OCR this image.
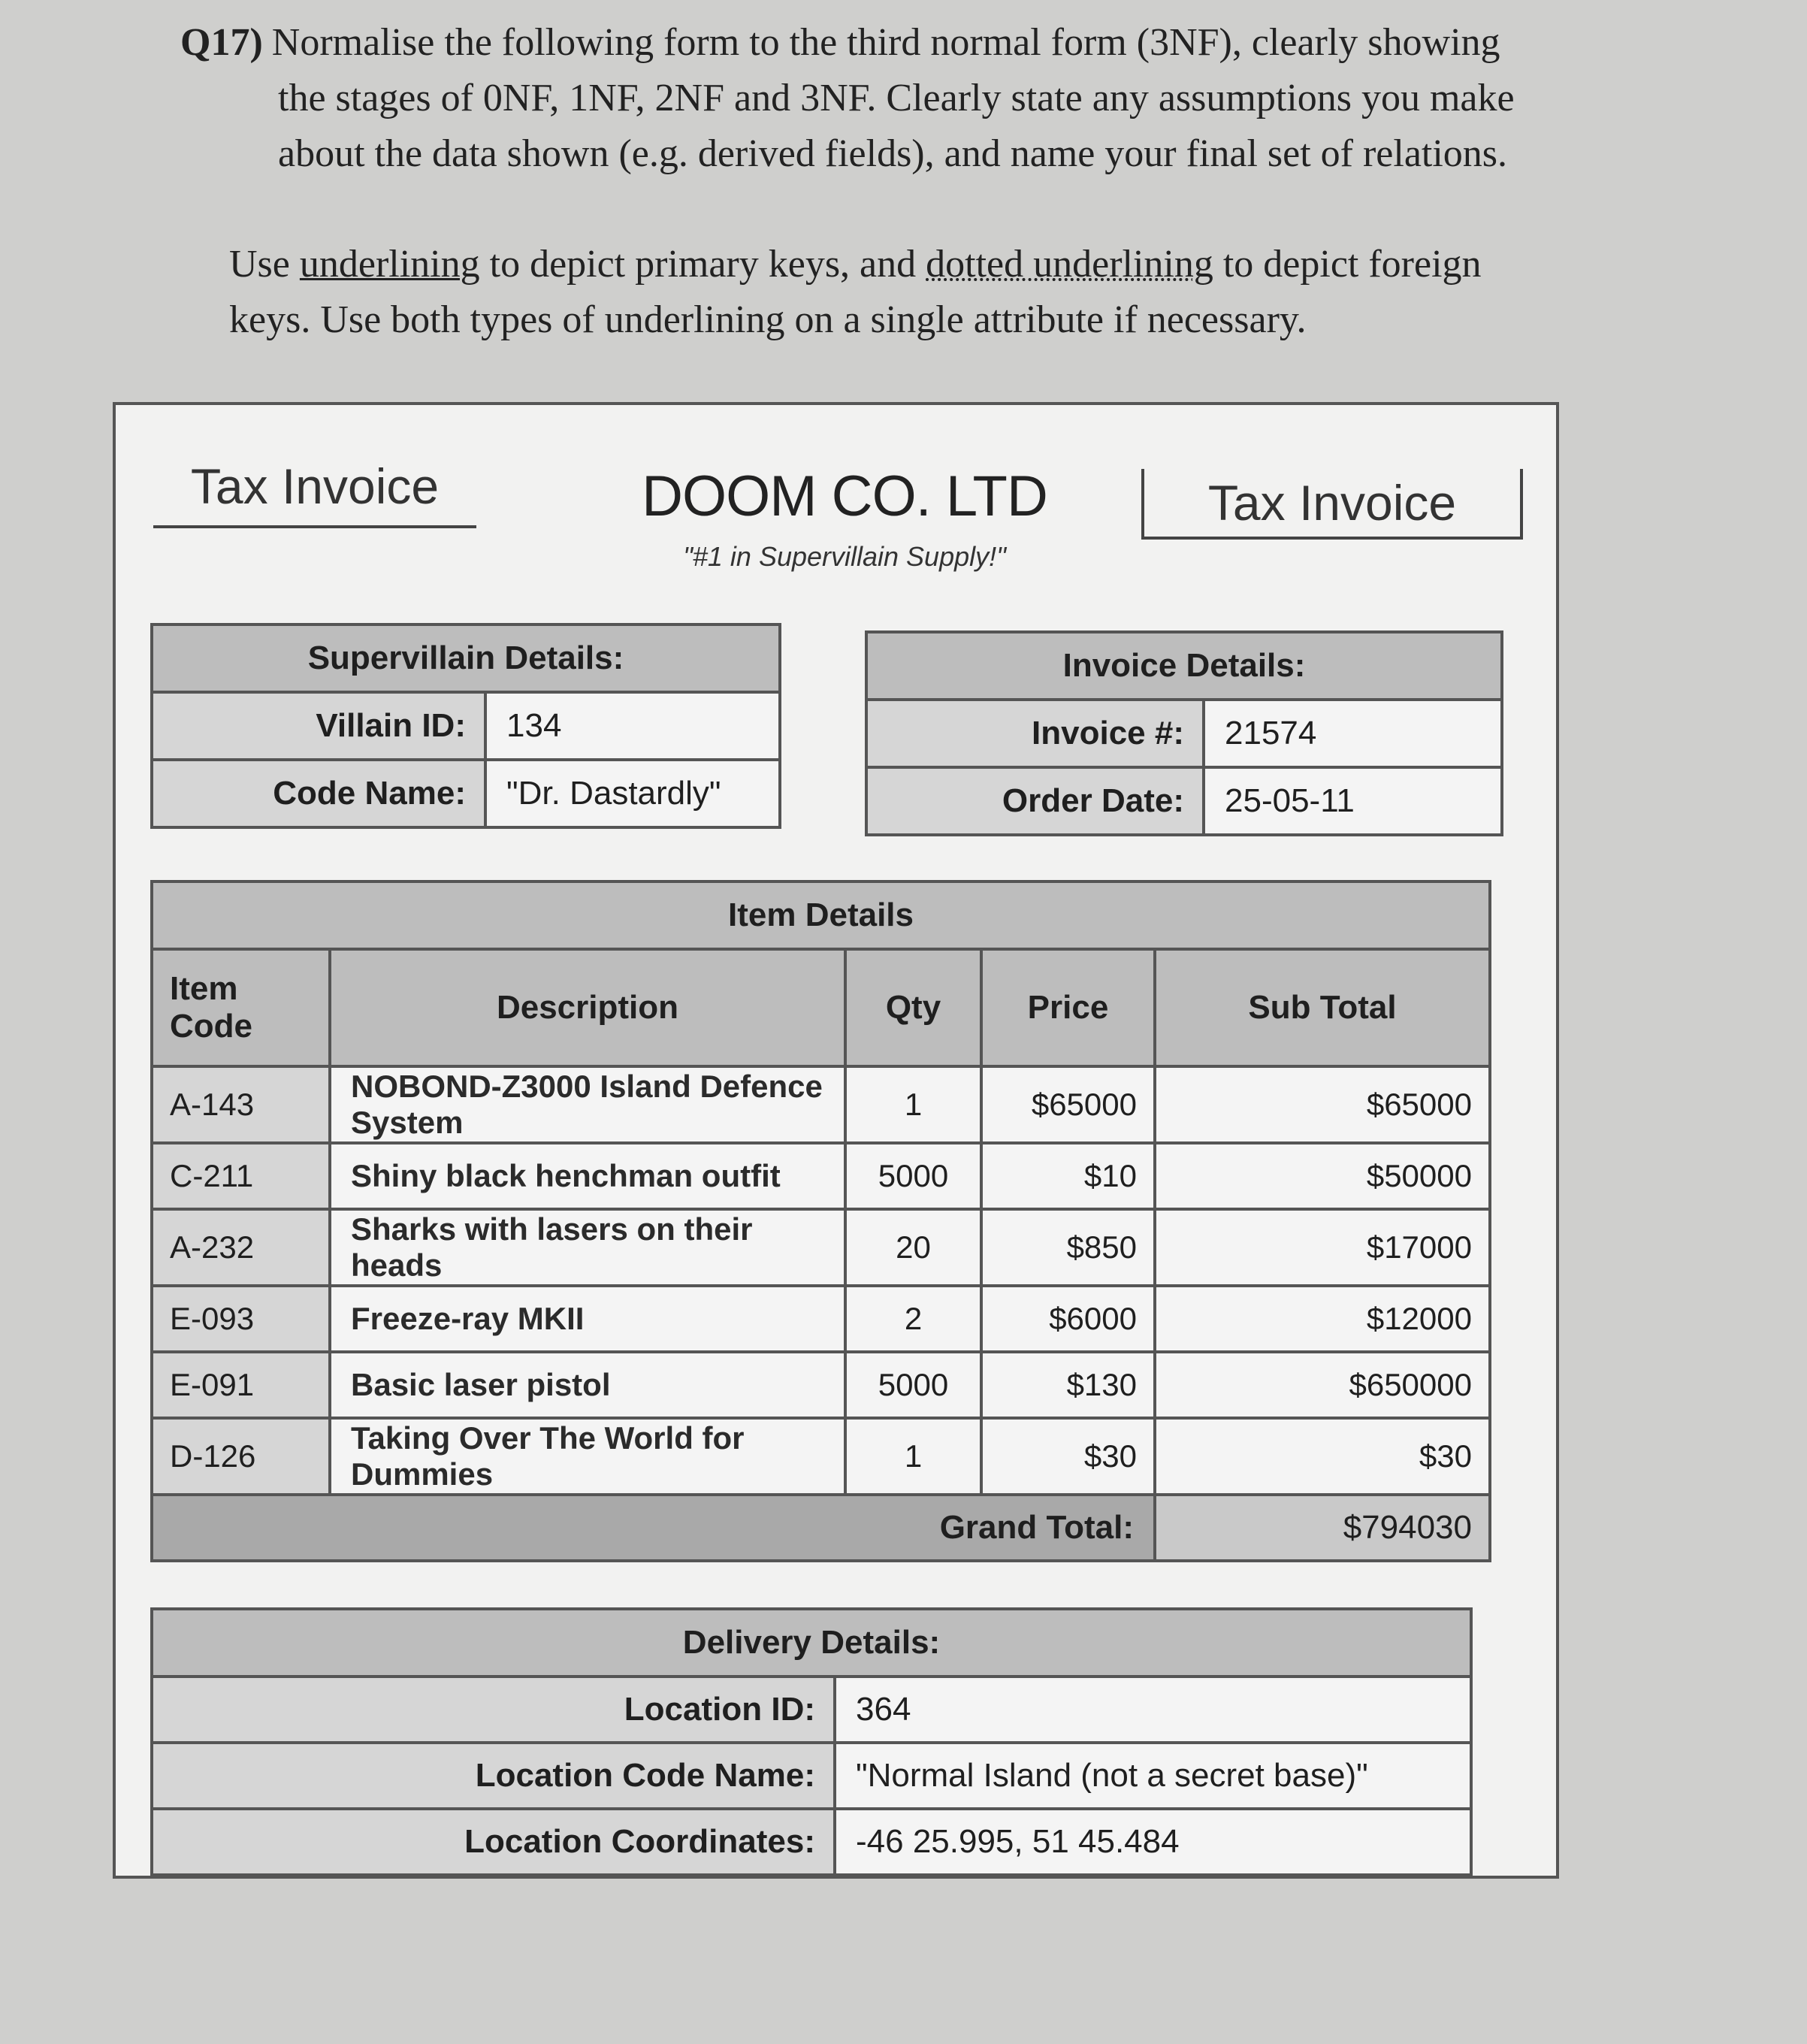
Q17) Normalise the following form to the third normal form (3NF), clearly showing
the stages of 0NF, 1NF, 2NF and 3NF. Clearly state any assumptions you make
about the data shown (e.g. derived fields), and name your final set of relations.
Use underlining to depict primary keys, and dotted underlining to depict foreign
keys. Use both types of underlining on a single attribute if necessary.
Tax Invoice	DOOM CO. LTD
"#1 in Supervillain Supply!"
Tax Invoice
Supervillain Details:	
Villain ID:	134
Code Name:	"Dr. Dastardly"
Invoice Details:	
Invoice #:	21574
Order Date:	25-05-11
Item Details				
Item Code	Description	Qty	Price	Sub Total
A-143	NOBOND-Z3000 Island Defence System	1	$65000	$65000
C-211	Shiny black henchman outfit	5000	$10	$50000
A-232	Sharks with lasers on their heads	20	$850	$17000
E-093	Freeze-ray MKII	2	$6000	$12000
E-091	Basic laser pistol	5000	$130	$650000
D-126	Taking Over The World for Dummies	1	$30	$30
Grand Total:				$794030
Delivery Details:	
Location ID:	364
Location Code Name:	"Normal Island (not a secret base)"
Location Coordinates:	-46 25.995, 51 45.484
